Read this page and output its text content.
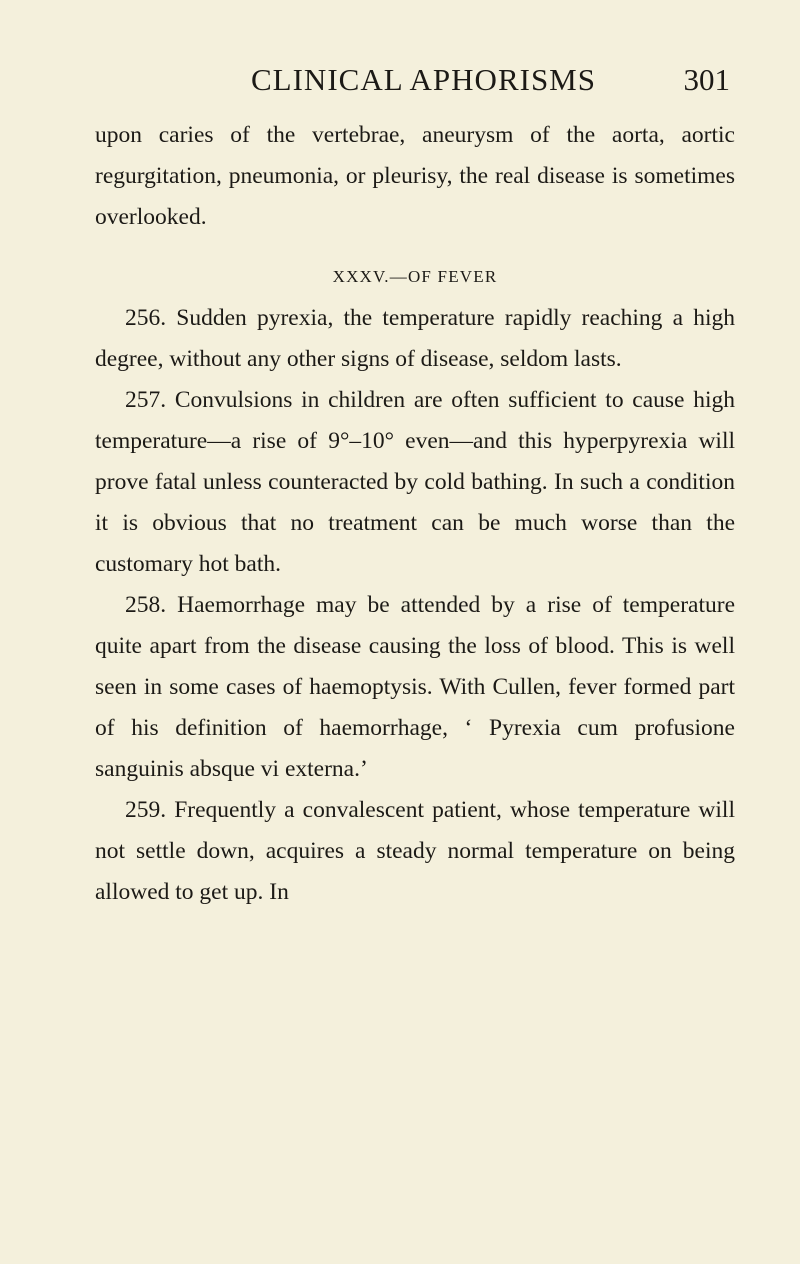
CLINICAL APHORISMS	301

upon caries of the vertebrae, aneurysm of the aorta, aortic regurgitation, pneumonia, or pleurisy, the real disease is sometimes overlooked.

XXXV.—OF FEVER

256. Sudden pyrexia, the temperature rapidly reaching a high degree, without any other signs of disease, seldom lasts.

257. Convulsions in children are often sufficient to cause high temperature—a rise of 9°–10° even—and this hyperpyrexia will prove fatal unless counteracted by cold bathing. In such a condition it is obvious that no treatment can be much worse than the customary hot bath.

258. Haemorrhage may be attended by a rise of temperature quite apart from the disease causing the loss of blood. This is well seen in some cases of haemoptysis. With Cullen, fever formed part of his definition of haemorrhage, ‘ Pyrexia cum profusione sanguinis absque vi externa.’

259. Frequently a convalescent patient, whose temperature will not settle down, acquires a steady normal temperature on being allowed to get up. In
